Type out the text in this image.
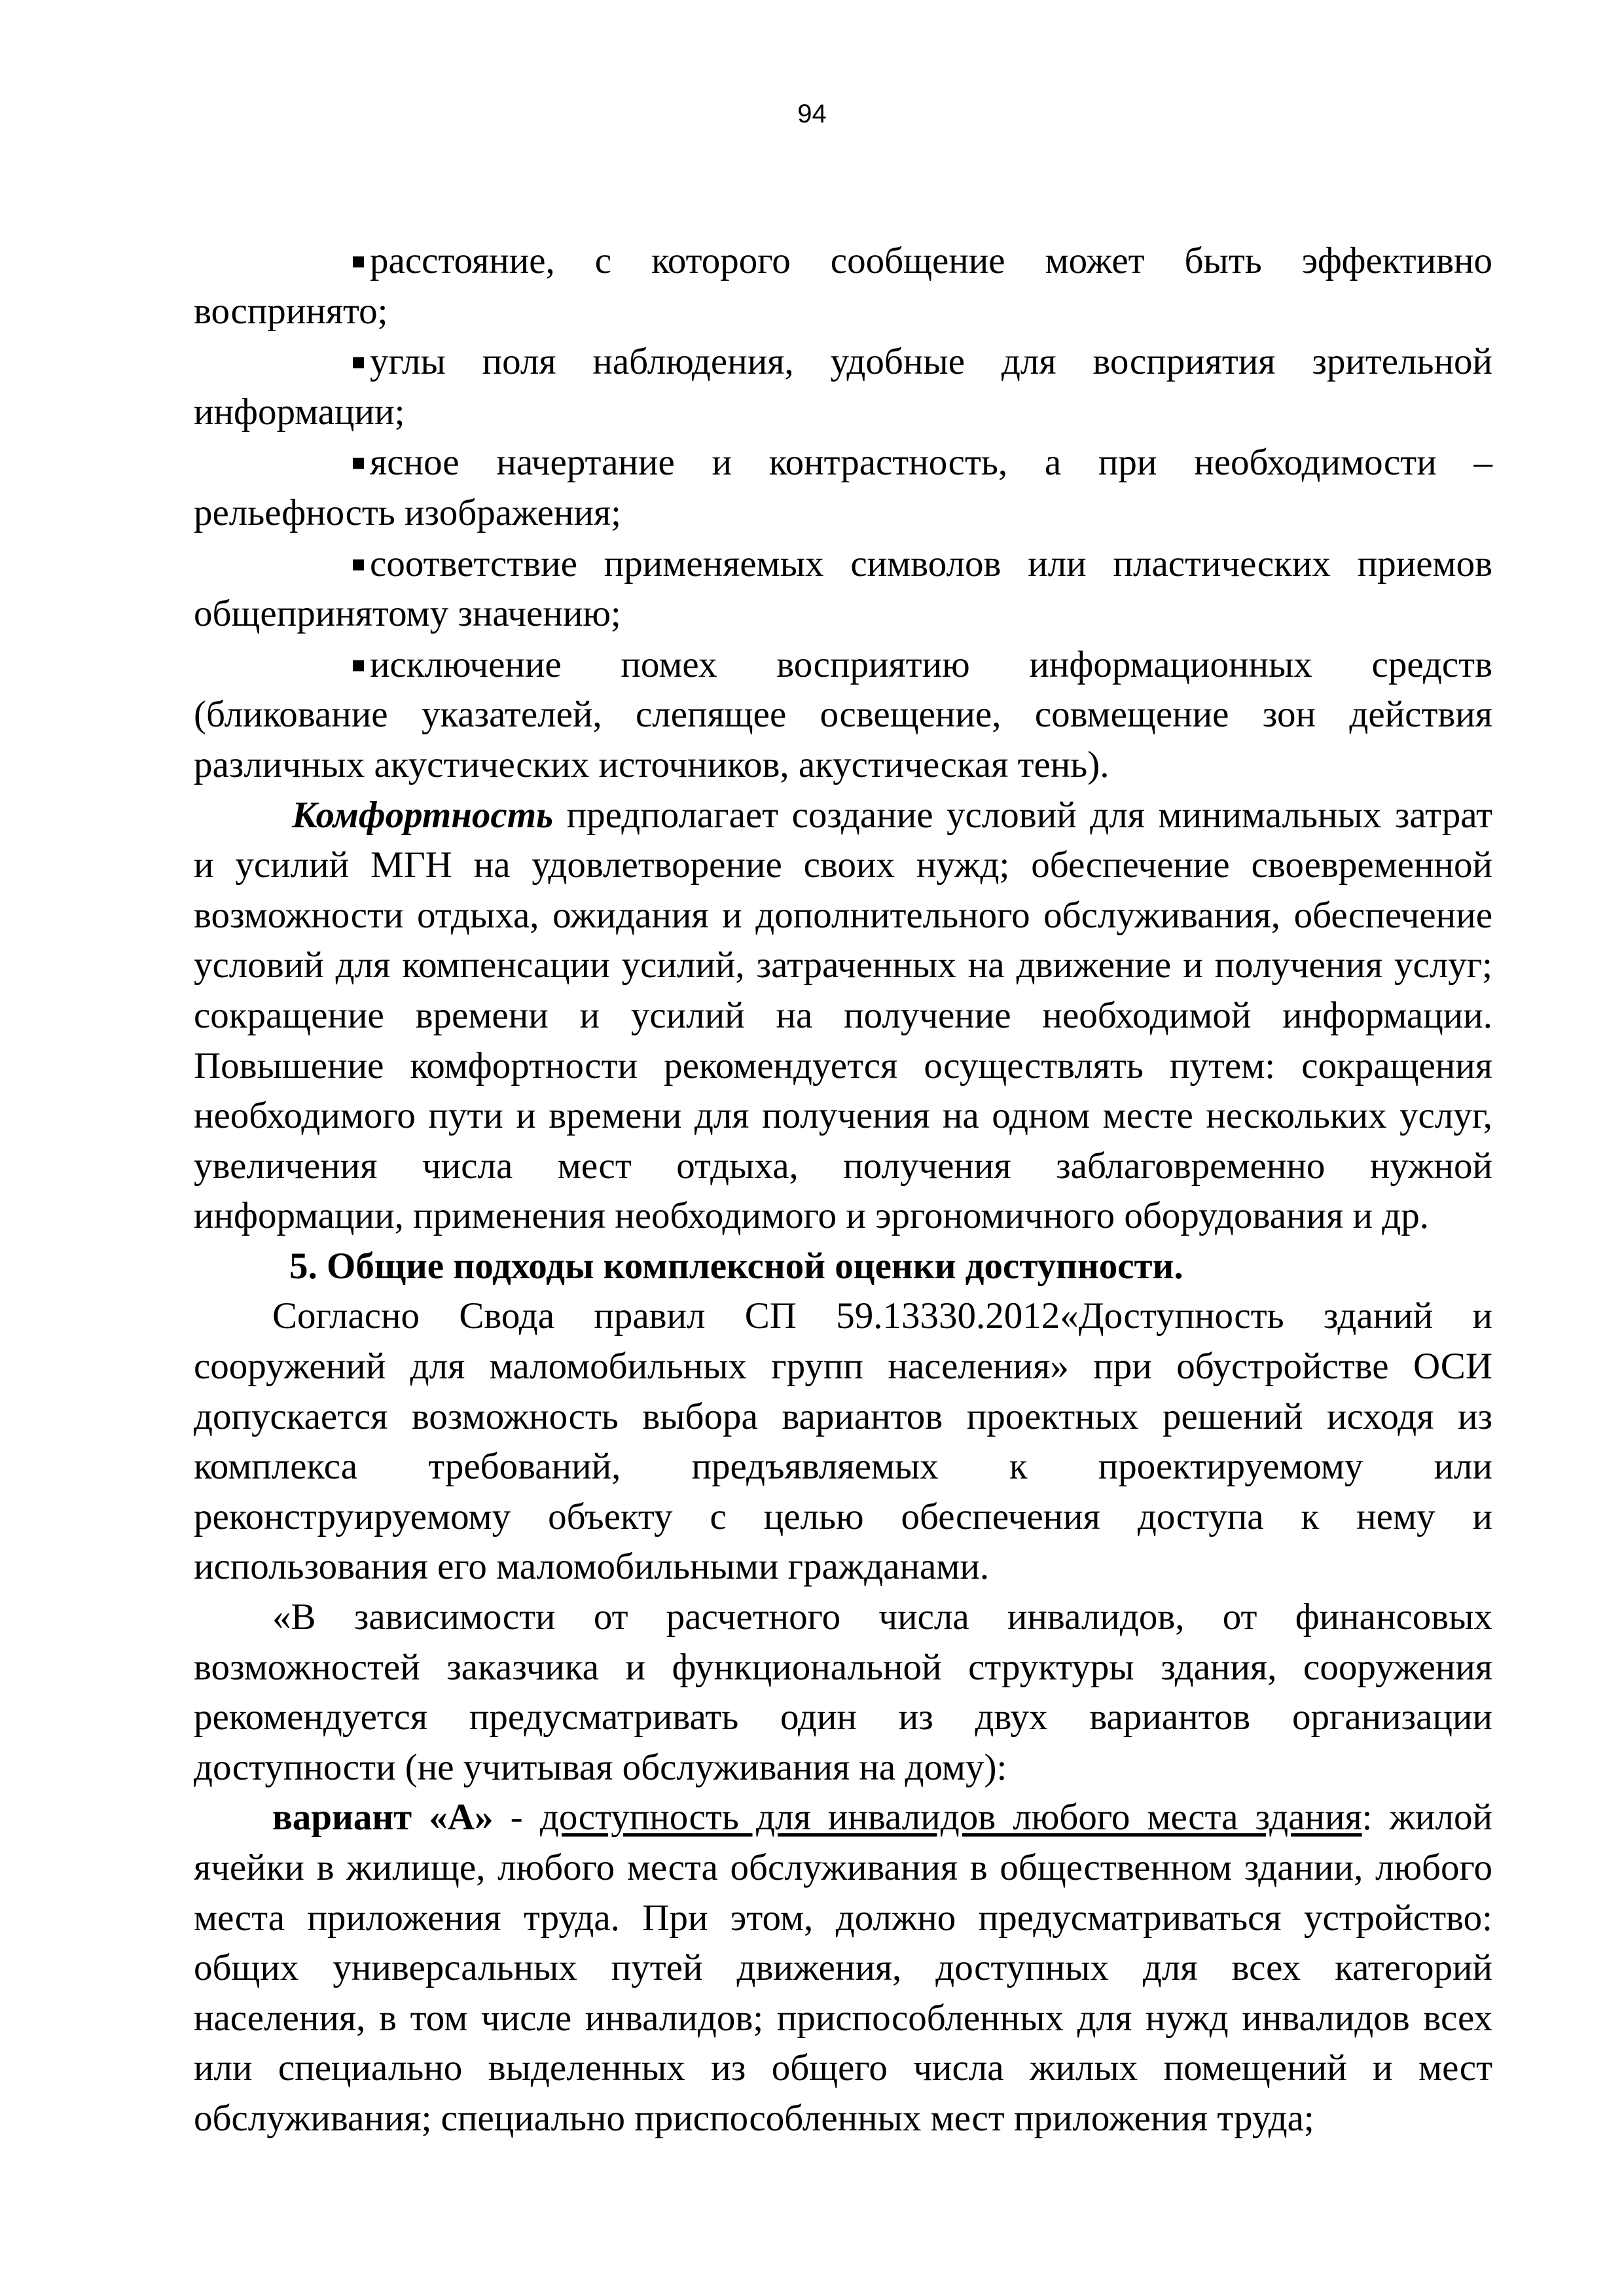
94

▪ расстояние, с которого сообщение может быть эффективно воспринято;

▪ углы поля наблюдения, удобные для восприятия зрительной информации;

▪ ясное начертание и контрастность, а при необходимости – рельефность изображения;

▪ соответствие применяемых символов или пластических приемов общепринятому значению;

▪ исключение помех восприятию информационных средств (бликование указателей, слепящее освещение, совмещение зон действия различных акустических источников, акустическая тень).

Комфортность предполагает создание условий для минимальных затрат и усилий МГН на удовлетворение своих нужд; обеспечение своевременной возможности отдыха, ожидания и дополнительного обслуживания, обеспечение условий для компенсации усилий, затраченных на движение и получения услуг; сокращение времени и усилий на получение необходимой информации. Повышение комфортности рекомендуется осуществлять путем: сокращения необходимого пути и времени для получения на одном месте нескольких услуг, увеличения числа мест отдыха, получения заблаговременно нужной информации, применения необходимого и эргономичного оборудования и др.

5. Общие подходы комплексной оценки доступности.

Согласно Свода правил СП 59.13330.2012«Доступность зданий и сооружений для маломобильных групп населения» при обустройстве ОСИ допускается возможность выбора вариантов проектных решений исходя из комплекса требований, предъявляемых к проектируемому или реконструируемому объекту с целью обеспечения доступа к нему и использования его маломобильными гражданами.

«В зависимости от расчетного числа инвалидов, от финансовых возможностей заказчика и функциональной структуры здания, сооружения рекомендуется предусматривать один из двух вариантов организации доступности (не учитывая обслуживания на дому):

вариант «А» - доступность для инвалидов любого места здания: жилой ячейки в жилище, любого места обслуживания в общественном здании, любого места приложения труда. При этом, должно предусматриваться устройство: общих универсальных путей движения, доступных для всех категорий населения, в том числе инвалидов; приспособленных для нужд инвалидов всех или специально выделенных из общего числа жилых помещений и мест обслуживания; специально приспособленных мест приложения труда;
